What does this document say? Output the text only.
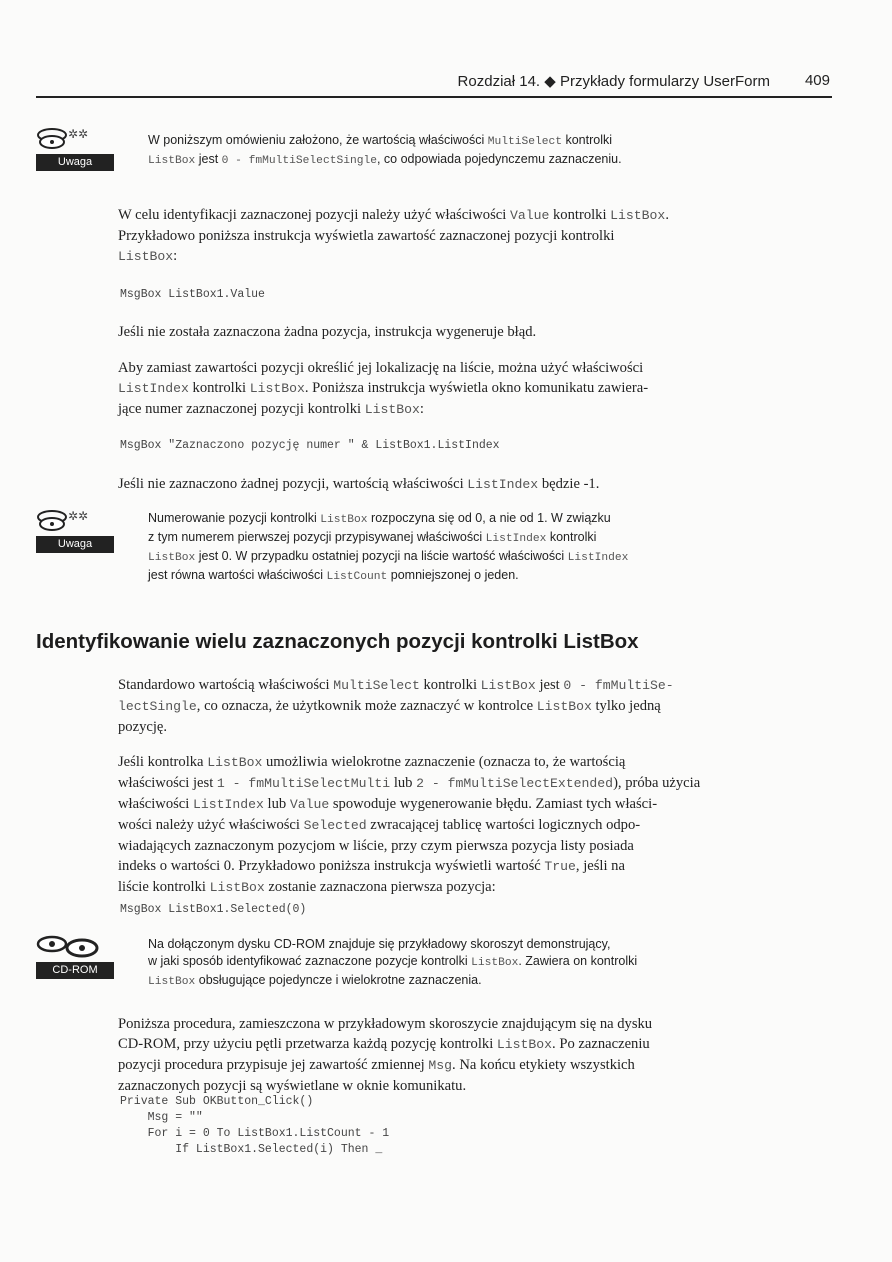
Rozdział 14. ◆ Przykłady formularzy UserForm 409
✲✲
Uwaga
W poniższym omówieniu założono, że wartością właściwości MultiSelect kontrolki
ListBox jest 0 - fmMultiSelectSingle, co odpowiada pojedynczemu zaznaczeniu.
W celu identyfikacji zaznaczonej pozycji należy użyć właściwości Value kontrolki ListBox.
Przykładowo poniższa instrukcja wyświetla zawartość zaznaczonej pozycji kontrolki
ListBox:
MsgBox ListBox1.Value
Jeśli nie została zaznaczona żadna pozycja, instrukcja wygeneruje błąd.
Aby zamiast zawartości pozycji określić jej lokalizację na liście, można użyć właściwości
ListIndex kontrolki ListBox. Poniższa instrukcja wyświetla okno komunikatu zawiera-
jące numer zaznaczonej pozycji kontrolki ListBox:
MsgBox "Zaznaczono pozycję numer " & ListBox1.ListIndex
Jeśli nie zaznaczono żadnej pozycji, wartością właściwości ListIndex będzie -1.
✲✲
Uwaga
Numerowanie pozycji kontrolki ListBox rozpoczyna się od 0, a nie od 1. W związku
z tym numerem pierwszej pozycji przypisywanej właściwości ListIndex kontrolki
ListBox jest 0. W przypadku ostatniej pozycji na liście wartość właściwości ListIndex
jest równa wartości właściwości ListCount pomniejszonej o jeden.
Identyfikowanie wielu zaznaczonych pozycji kontrolki ListBox
Standardowo wartością właściwości MultiSelect kontrolki ListBox jest 0 - fmMultiSe-
lectSingle, co oznacza, że użytkownik może zaznaczyć w kontrolce ListBox tylko jedną
pozycję.
Jeśli kontrolka ListBox umożliwia wielokrotne zaznaczenie (oznacza to, że wartością
właściwości jest 1 - fmMultiSelectMulti lub 2 - fmMultiSelectExtended), próba użycia
właściwości ListIndex lub Value spowoduje wygenerowanie błędu. Zamiast tych właści-
wości należy użyć właściwości Selected zwracającej tablicę wartości logicznych odpo-
wiadających zaznaczonym pozycjom w liście, przy czym pierwsza pozycja listy posiada
indeks o wartości 0. Przykładowo poniższa instrukcja wyświetli wartość True, jeśli na
liście kontrolki ListBox zostanie zaznaczona pierwsza pozycja:
MsgBox ListBox1.Selected(0)
CD-ROM
Na dołączonym dysku CD-ROM znajduje się przykładowy skoroszyt demonstrujący,
w jaki sposób identyfikować zaznaczone pozycje kontrolki ListBox. Zawiera on kontrolki
ListBox obsługujące pojedyncze i wielokrotne zaznaczenia.
Poniższa procedura, zamieszczona w przykładowym skoroszycie znajdującym się na dysku
CD-ROM, przy użyciu pętli przetwarza każdą pozycję kontrolki ListBox. Po zaznaczeniu
pozycji procedura przypisuje jej zawartość zmiennej Msg. Na końcu etykiety wszystkich
zaznaczonych pozycji są wyświetlane w oknie komunikatu.
Private Sub OKButton_Click()
Msg = ""
For i = 0 To ListBox1.ListCount - 1
If ListBox1.Selected(i) Then _
